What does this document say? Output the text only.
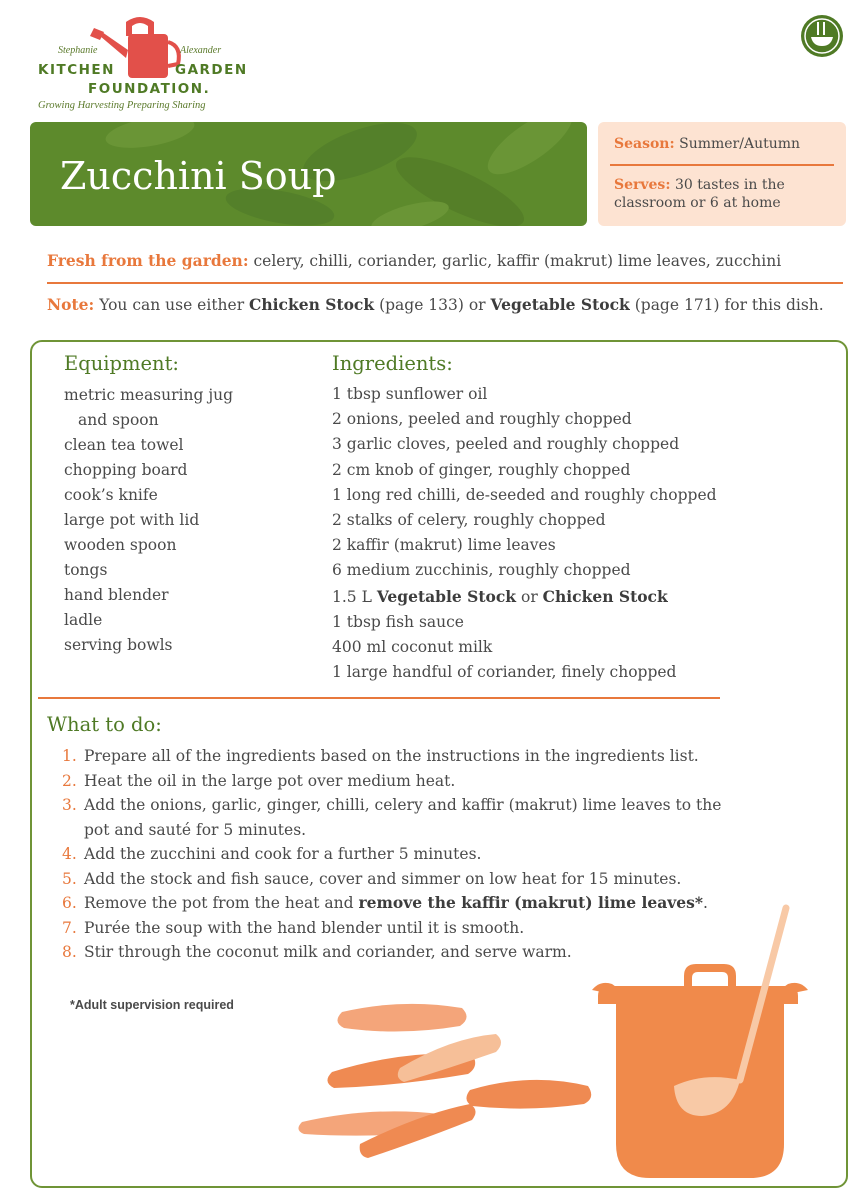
Stephanie	Alexander
KITCHEN	GARDEN
FOUNDATION.
Growing Harvesting Preparing Sharing
Zucchini Soup
Season: Summer/Autumn
Serves: 30 tastes in the classroom or 6 at home
Fresh from the garden: celery, chilli, coriander, garlic, kaffir (makrut) lime leaves, zucchini
Note: You can use either Chicken Stock (page 133) or Vegetable Stock (page 171) for this dish.
Equipment:
metric measuring jug
and spoon
clean tea towel
chopping board
cook’s knife
large pot with lid
wooden spoon
tongs
hand blender
ladle
serving bowls
Ingredients:
1 tbsp sunflower oil
2 onions, peeled and roughly chopped
3 garlic cloves, peeled and roughly chopped
2 cm knob of ginger, roughly chopped
1 long red chilli, de-seeded and roughly chopped
2 stalks of celery, roughly chopped
2 kaffir (makrut) lime leaves
6 medium zucchinis, roughly chopped
1.5 L Vegetable Stock or Chicken Stock
1 tbsp fish sauce
400 ml coconut milk
1 large handful of coriander, finely chopped
What to do:
1. Prepare all of the ingredients based on the instructions in the ingredients list.
2. Heat the oil in the large pot over medium heat.
3. Add the onions, garlic, ginger, chilli, celery and kaffir (makrut) lime leaves to the pot and sauté for 5 minutes.
4. Add the zucchini and cook for a further 5 minutes.
5. Add the stock and fish sauce, cover and simmer on low heat for 15 minutes.
6. Remove the pot from the heat and remove the kaffir (makrut) lime leaves*.
7. Purée the soup with the hand blender until it is smooth.
8. Stir through the coconut milk and coriander, and serve warm.
*Adult supervision required
